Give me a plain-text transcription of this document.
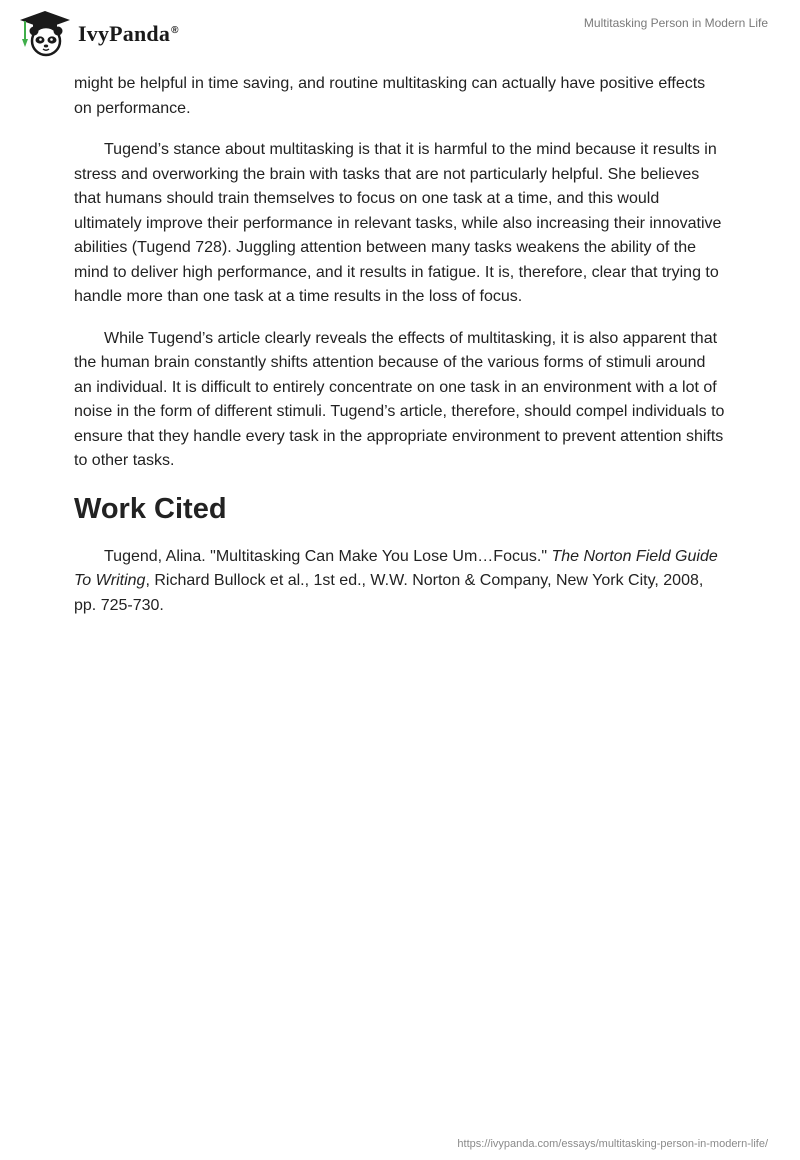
IvyPanda®
Multitasking Person in Modern Life

might be helpful in time saving, and routine multitasking can actually have positive effects on performance.

Tugend’s stance about multitasking is that it is harmful to the mind because it results in stress and overworking the brain with tasks that are not particularly helpful. She believes that humans should train themselves to focus on one task at a time, and this would ultimately improve their performance in relevant tasks, while also increasing their innovative abilities (Tugend 728). Juggling attention between many tasks weakens the ability of the mind to deliver high performance, and it results in fatigue. It is, therefore, clear that trying to handle more than one task at a time results in the loss of focus.

While Tugend’s article clearly reveals the effects of multitasking, it is also apparent that the human brain constantly shifts attention because of the various forms of stimuli around an individual. It is difficult to entirely concentrate on one task in an environment with a lot of noise in the form of different stimuli. Tugend’s article, therefore, should compel individuals to ensure that they handle every task in the appropriate environment to prevent attention shifts to other tasks.

Work Cited

Tugend, Alina. "Multitasking Can Make You Lose Um…Focus." The Norton Field Guide To Writing, Richard Bullock et al., 1st ed., W.W. Norton & Company, New York City, 2008, pp. 725-730.

https://ivypanda.com/essays/multitasking-person-in-modern-life/
